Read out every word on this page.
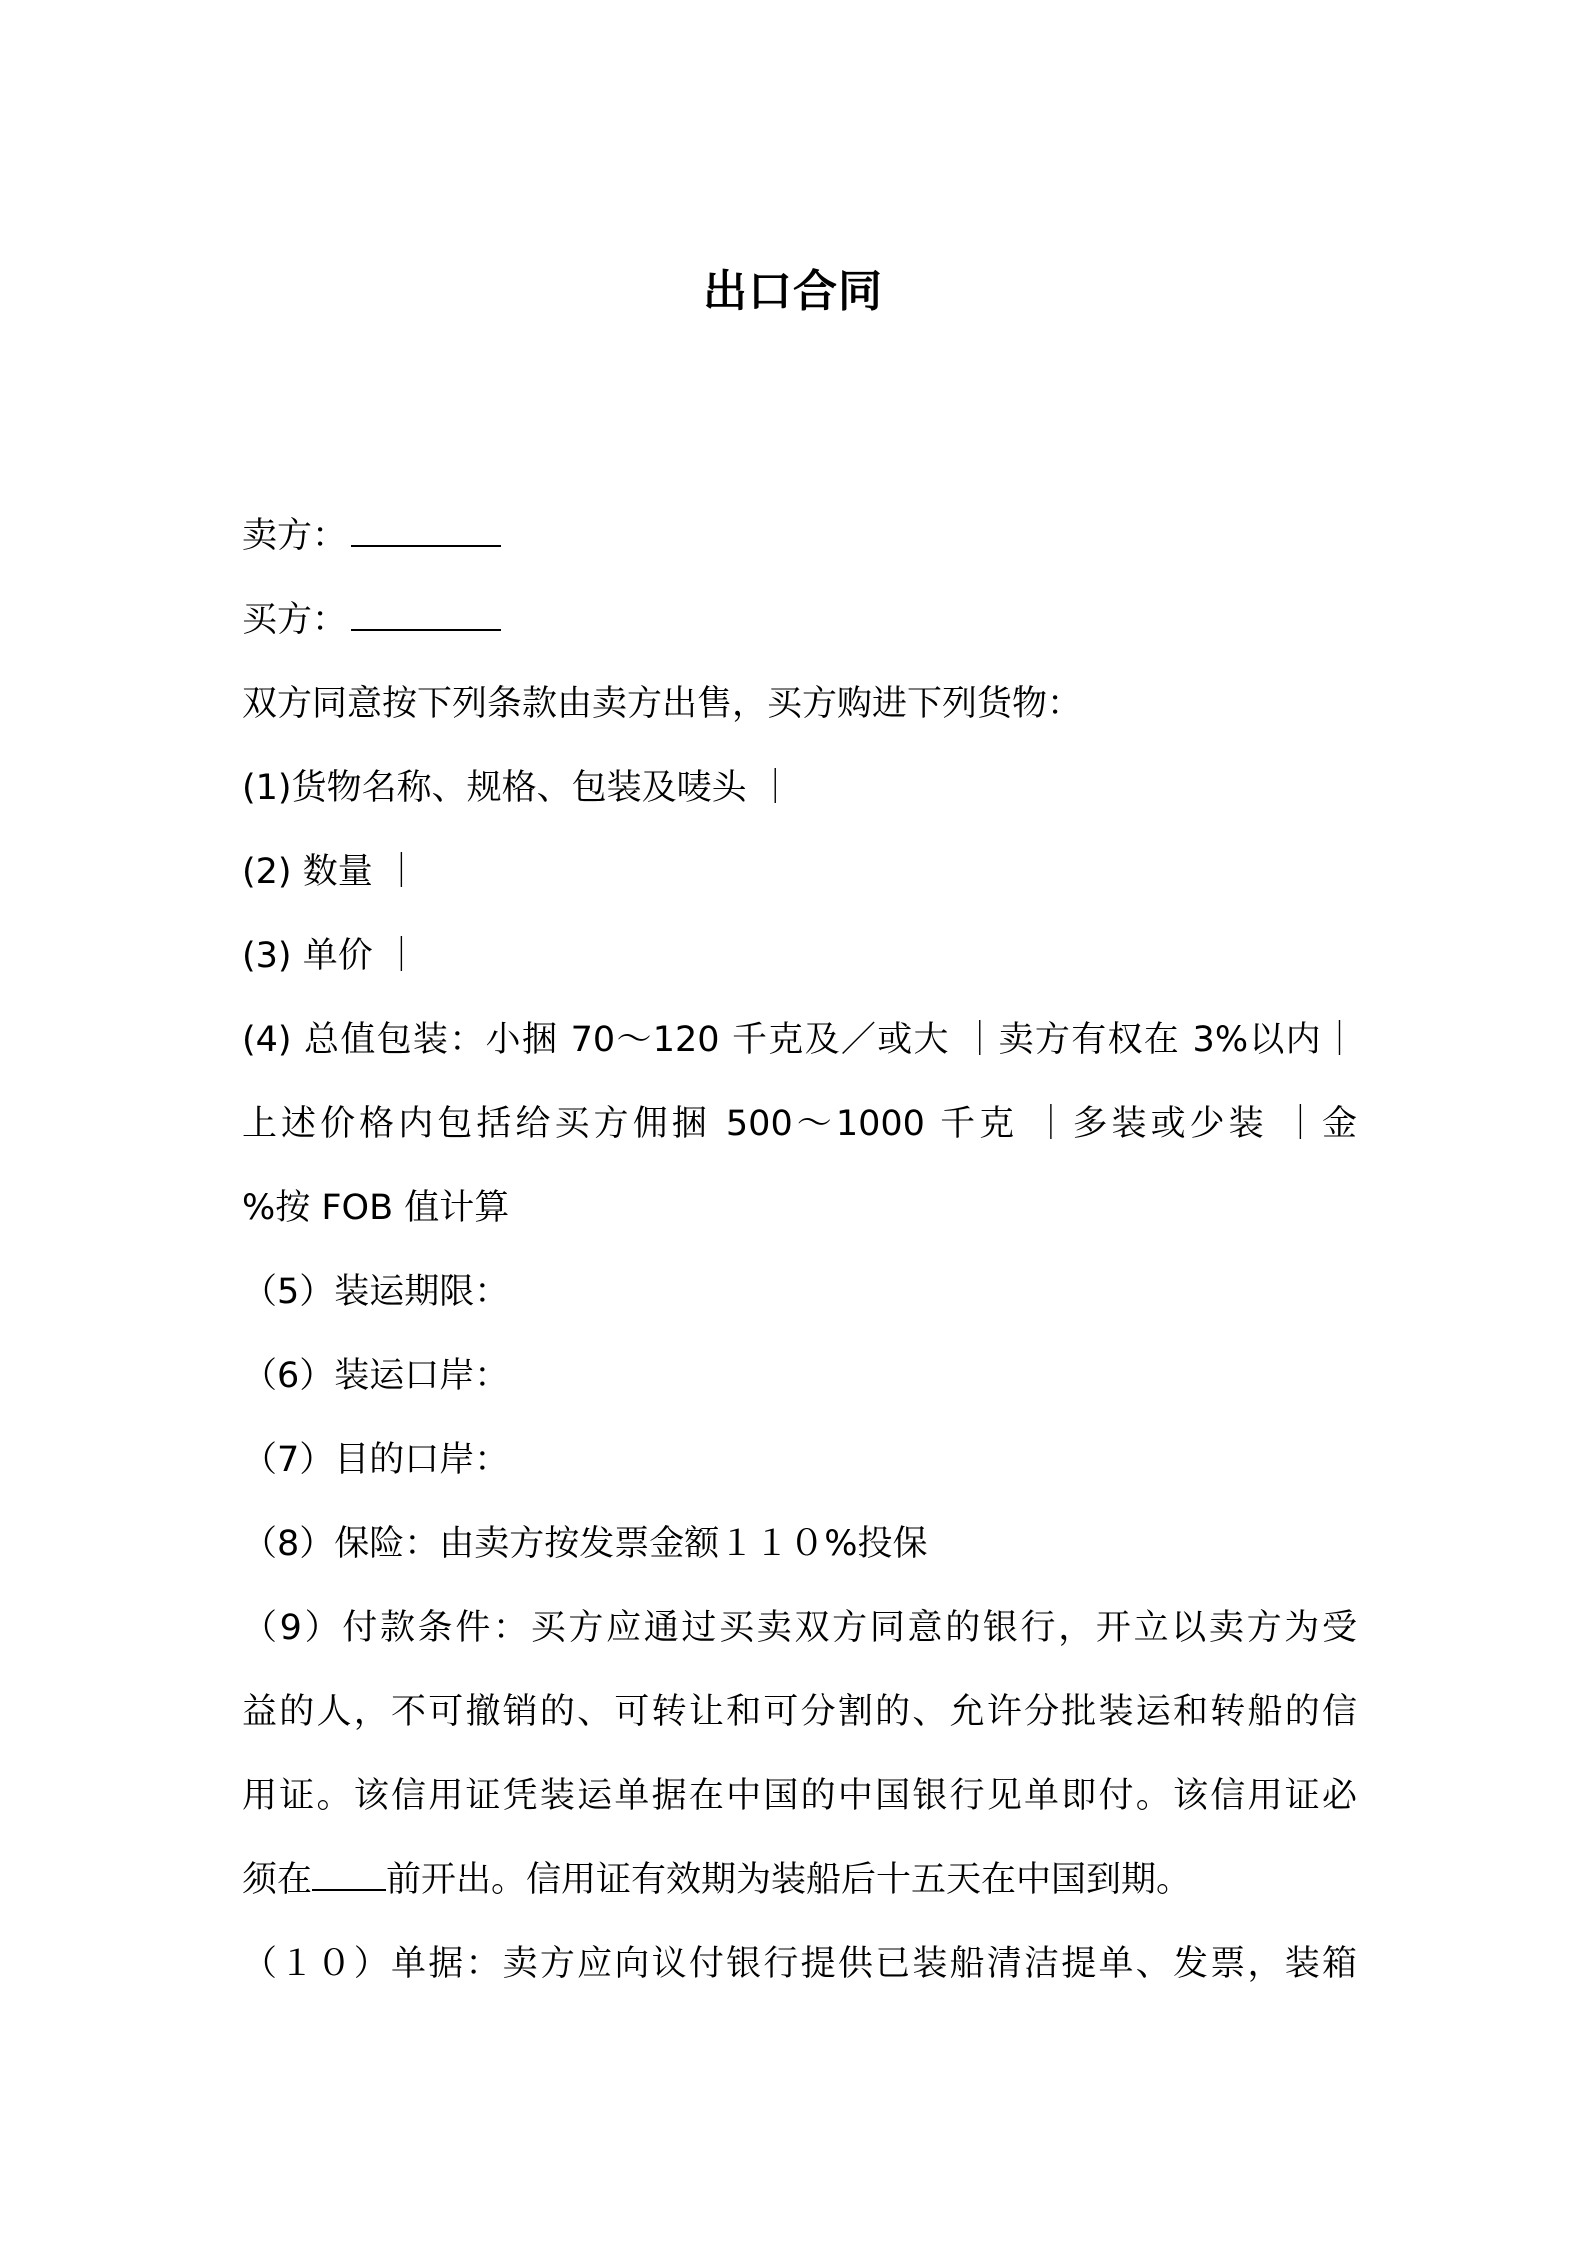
出口合同
卖方：
买方：
双方同意按下列条款由卖方出售，买方购进下列货物：
(1)货物名称、规格、包装及唛头 ｜
(2) 数量 ｜
(3) 单价 ｜
(4) 总值包装：小捆 70～120 千克及／或大 ｜卖方有权在 3%以内｜
上述价格内包括给买方佣捆 500～1000 千克 ｜多装或少装 ｜金
%按 FOB 值计算
（5）装运期限：
（6）装运口岸：
（7）目的口岸：
（8）保险：由卖方按发票金额１１０%投保
（9）付款条件：买方应通过买卖双方同意的银行，开立以卖方为受
益的人，不可撤销的、可转让和可分割的、允许分批装运和转船的信
用证。该信用证凭装运单据在中国的中国银行见单即付。该信用证必
须在 前开出。信用证有效期为装船后十五天在中国到期。
（１０）单据：卖方应向议付银行提供已装船清洁提单、发票，装箱
